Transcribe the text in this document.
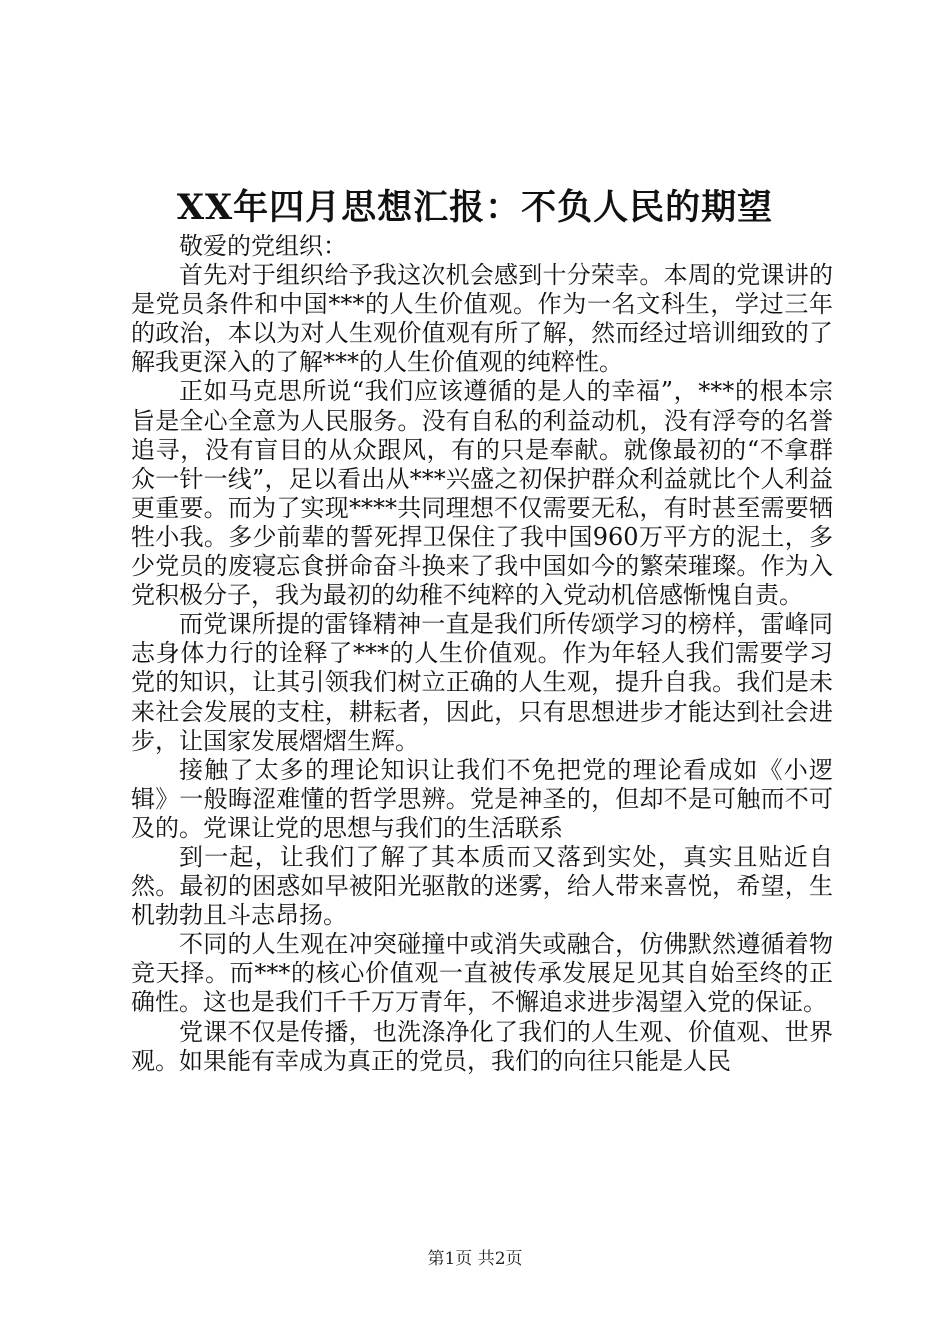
XX年四月思想汇报：不负人民的期望

敬爱的党组织：

首先对于组织给予我这次机会感到十分荣幸。本周的党课讲的是党员条件和中国***的人生价值观。作为一名文科生，学过三年的政治，本以为对人生观价值观有所了解，然而经过培训细致的了解我更深入的了解***的人生价值观的纯粹性。

正如马克思所说“我们应该遵循的是人的幸福”，***的根本宗旨是全心全意为人民服务。没有自私的利益动机，没有浮夸的名誉追寻，没有盲目的从众跟风，有的只是奉献。就像最初的“不拿群众一针一线”，足以看出从***兴盛之初保护群众利益就比个人利益更重要。而为了实现****共同理想不仅需要无私，有时甚至需要牺牲小我。多少前辈的誓死捍卫保住了我中国960万平方的泥土，多少党员的废寝忘食拼命奋斗换来了我中国如今的繁荣璀璨。作为入党积极分子，我为最初的幼稚不纯粹的入党动机倍感惭愧自责。

而党课所提的雷锋精神一直是我们所传颂学习的榜样，雷峰同志身体力行的诠释了***的人生价值观。作为年轻人我们需要学习党的知识，让其引领我们树立正确的人生观，提升自我。我们是未来社会发展的支柱，耕耘者，因此，只有思想进步才能达到社会进步，让国家发展熠熠生辉。

接触了太多的理论知识让我们不免把党的理论看成如《小逻辑》一般晦涩难懂的哲学思辨。党是神圣的，但却不是可触而不可及的。党课让党的思想与我们的生活联系

到一起，让我们了解了其本质而又落到实处，真实且贴近自然。最初的困惑如早被阳光驱散的迷雾，给人带来喜悦，希望，生机勃勃且斗志昂扬。

不同的人生观在冲突碰撞中或消失或融合，仿佛默然遵循着物竞天择。而***的核心价值观一直被传承发展足见其自始至终的正确性。这也是我们千千万万青年，不懈追求进步渴望入党的保证。

党课不仅是传播，也洗涤净化了我们的人生观、价值观、世界观。如果能有幸成为真正的党员，我们的向往只能是人民

第1页 共2页
